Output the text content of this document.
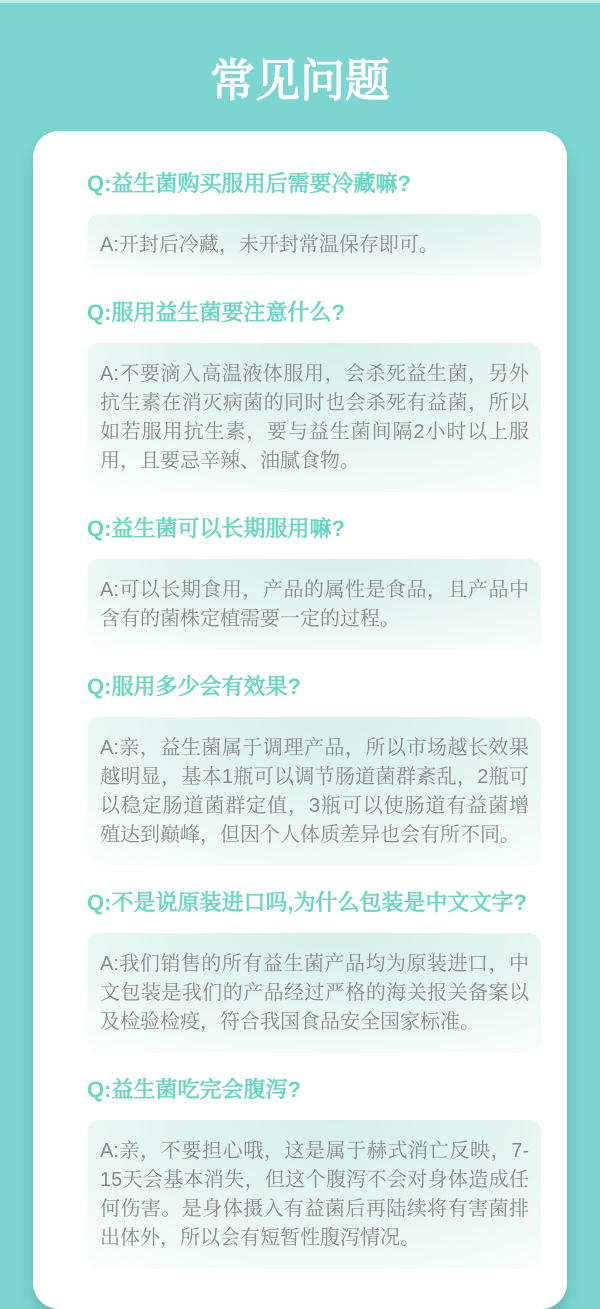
常见问题
Q:益生菌购买服用后需要冷藏嘛?
A:开封后冷藏，未开封常温保存即可。
Q:服用益生菌要注意什么?
A:不要滴入高温液体服用，会杀死益生菌，另外抗生素在消灭病菌的同时也会杀死有益菌，所以如若服用抗生素，要与益生菌间隔2小时以上服用，且要忌辛辣、油腻食物。
Q:益生菌可以长期服用嘛?
A:可以长期食用，产品的属性是食品，且产品中含有的菌株定植需要一定的过程。
Q:服用多少会有效果?
A:亲，益生菌属于调理产品，所以市场越长效果越明显，基本1瓶可以调节肠道菌群紊乱，2瓶可以稳定肠道菌群定值，3瓶可以使肠道有益菌增殖达到巅峰，但因个人体质差异也会有所不同。
Q:不是说原装进口吗,为什么包装是中文文字?
A:我们销售的所有益生菌产品均为原装进口，中文包装是我们的产品经过严格的海关报关备案以及检验检疫，符合我国食品安全国家标准。
Q:益生菌吃完会腹泻?
A:亲，不要担心哦，这是属于赫式消亡反映，7-15天会基本消失，但这个腹泻不会对身体造成任何伤害。是身体摄入有益菌后再陆续将有害菌排出体外，所以会有短暂性腹泻情况。
